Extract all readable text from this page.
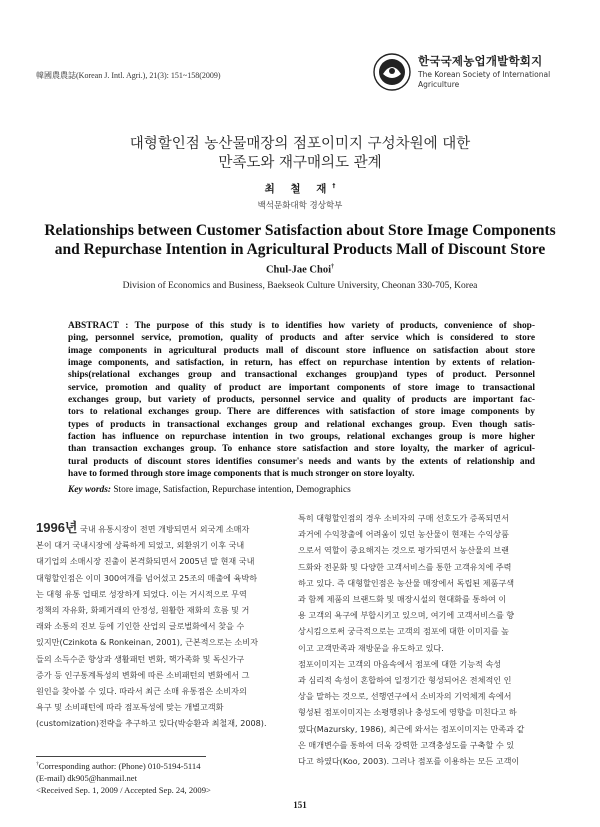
韓國農農誌(Korean J. Intl. Agri.), 21(3): 151~158(2009)
한국국제농업개발학회지
The Korean Society of International
Agriculture
대형할인점 농산물매장의 점포이미지 구성차원에 대한
만족도와 재구매의도 관계
최 철 재†
백석문화대학 경상학부
Relationships between Customer Satisfaction about Store Image Components
and Repurchase Intention in Agricultural Products Mall of Discount Store
Chul-Jae Choi†
Division of Economics and Business, Baekseok Culture University, Cheonan 330-705, Korea
ABSTRACT : The purpose of this study is to identifies how variety of products, convenience of shop-
ping, personnel service, promotion, quality of products and after service which is considered to store
image components in agricultural products mall of discount store influence on satisfaction about store
image components, and satisfaction, in return, has effect on repurchase intention by extents of relation-
ships(relational exchanges group and transactional exchanges group)and types of product. Personnel
service, promotion and quality of product are important components of store image to transactional
exchanges group, but variety of products, personnel service and quality of products are important fac-
tors to relational exchanges group. There are differences with satisfaction of store image components by
types of products in transactional exchanges group and relational exchanges group. Even though satis-
faction has influence on repurchase intention in two groups, relational exchanges group is more higher
than transaction exchanges group. To enhance store satisfaction and store loyalty, the marker of agricul-
tural products of discount stores identifies consumer's needs and wants by the extents of relationship and
have to formed through store image components that is much stronger on store loyalty.
Key words: Store image, Satisfaction, Repurchase intention, Demographics
1996년 국내 유통시장이 전면 개방되면서 외국계 소매자
본이 대거 국내시장에 상륙하게 되었고, 외환위기 이후 국내
대기업의 소매시장 진출이 본격화되면서 2005년 말 현재 국내
대형할인점은 이미 300여개를 넘어섰고 25조의 매출에 육박하
는 대형 유통 업태로 성장하게 되었다. 이는 거시적으로 무역
정책의 자유화, 화폐거래의 안정성, 원활한 재화의 흐름 및 거
래와 소통의 진보 등에 기인한 산업의 글로벌화에서 찾을 수
있지만(Czinkota & Ronkeinan, 2001), 근본적으로는 소비자
들의 소득수준 향상과 생활패턴 변화, 핵가족화 및 독신가구
증가 등 인구통계특성의 변화에 따른 소비패턴의 변화에서 그
원인을 찾아볼 수 있다. 따라서 최근 소매 유통점은 소비자의
욕구 및 소비패턴에 따라 점포특성에 맞는 개별고객화
(customization)전략을 추구하고 있다(박승환과 최철재, 2008).
특히 대형할인점의 경우 소비자의 구매 선호도가 증폭되면서
과거에 수익창출에 어려움이 있던 농산물이 현재는 수익상품
으로서 역할이 중요해지는 것으로 평가되면서 농산물의 브랜
드화와 전문화 및 다양한 고객서비스를 통한 고객유치에 주력
하고 있다. 즉 대형할인점은 농산물 매장에서 독립된 제품구색
과 함께 제품의 브랜드화 및 매장시설의 현대화를 통하여 이
용 고객의 욕구에 부합시키고 있으며, 여기에 고객서비스를 향
상시킴으로써 궁극적으로는 고객의 점포에 대한 이미지를 높
이고 고객만족과 재방문을 유도하고 있다.
점포이미지는 고객의 마음속에서 점포에 대한 기능적 속성
과 심리적 속성이 혼합하여 일정기간 형성되어온 전체적인 인
상을 말하는 것으로, 선행연구에서 소비자의 기억체계 속에서
형성된 점포이미지는 소평행위나 충성도에 영향을 미친다고 하
였다(Mazursky, 1986), 최근에 와서는 점포이미지는 만족과 같
은 매개변수를 통하여 더욱 강력한 고객충성도를 구축할 수 있
다고 하였다(Koo, 2003). 그러나 점포를 이용하는 모든 고객이
†Corresponding author: (Phone) 010-5194-5114
(E-mail) dk905@hanmail.net
<Received Sep. 1, 2009 / Accepted Sep. 24, 2009>
151
